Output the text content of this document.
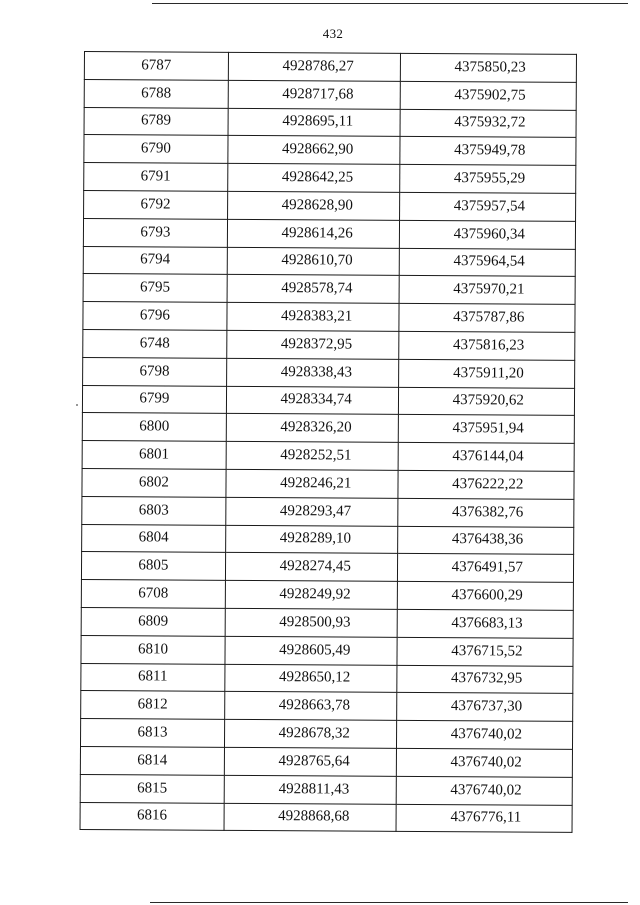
432
6787	4928786,27	4375850,23
6788	4928717,68	4375902,75
6789	4928695,11	4375932,72
6790	4928662,90	4375949,78
6791	4928642,25	4375955,29
6792	4928628,90	4375957,54
6793	4928614,26	4375960,34
6794	4928610,70	4375964,54
6795	4928578,74	4375970,21
6796	4928383,21	4375787,86
6748	4928372,95	4375816,23
6798	4928338,43	4375911,20
6799	4928334,74	4375920,62
6800	4928326,20	4375951,94
6801	4928252,51	4376144,04
6802	4928246,21	4376222,22
6803	4928293,47	4376382,76
6804	4928289,10	4376438,36
6805	4928274,45	4376491,57
6708	4928249,92	4376600,29
6809	4928500,93	4376683,13
6810	4928605,49	4376715,52
6811	4928650,12	4376732,95
6812	4928663,78	4376737,30
6813	4928678,32	4376740,02
6814	4928765,64	4376740,02
6815	4928811,43	4376740,02
6816	4928868,68	4376776,11
